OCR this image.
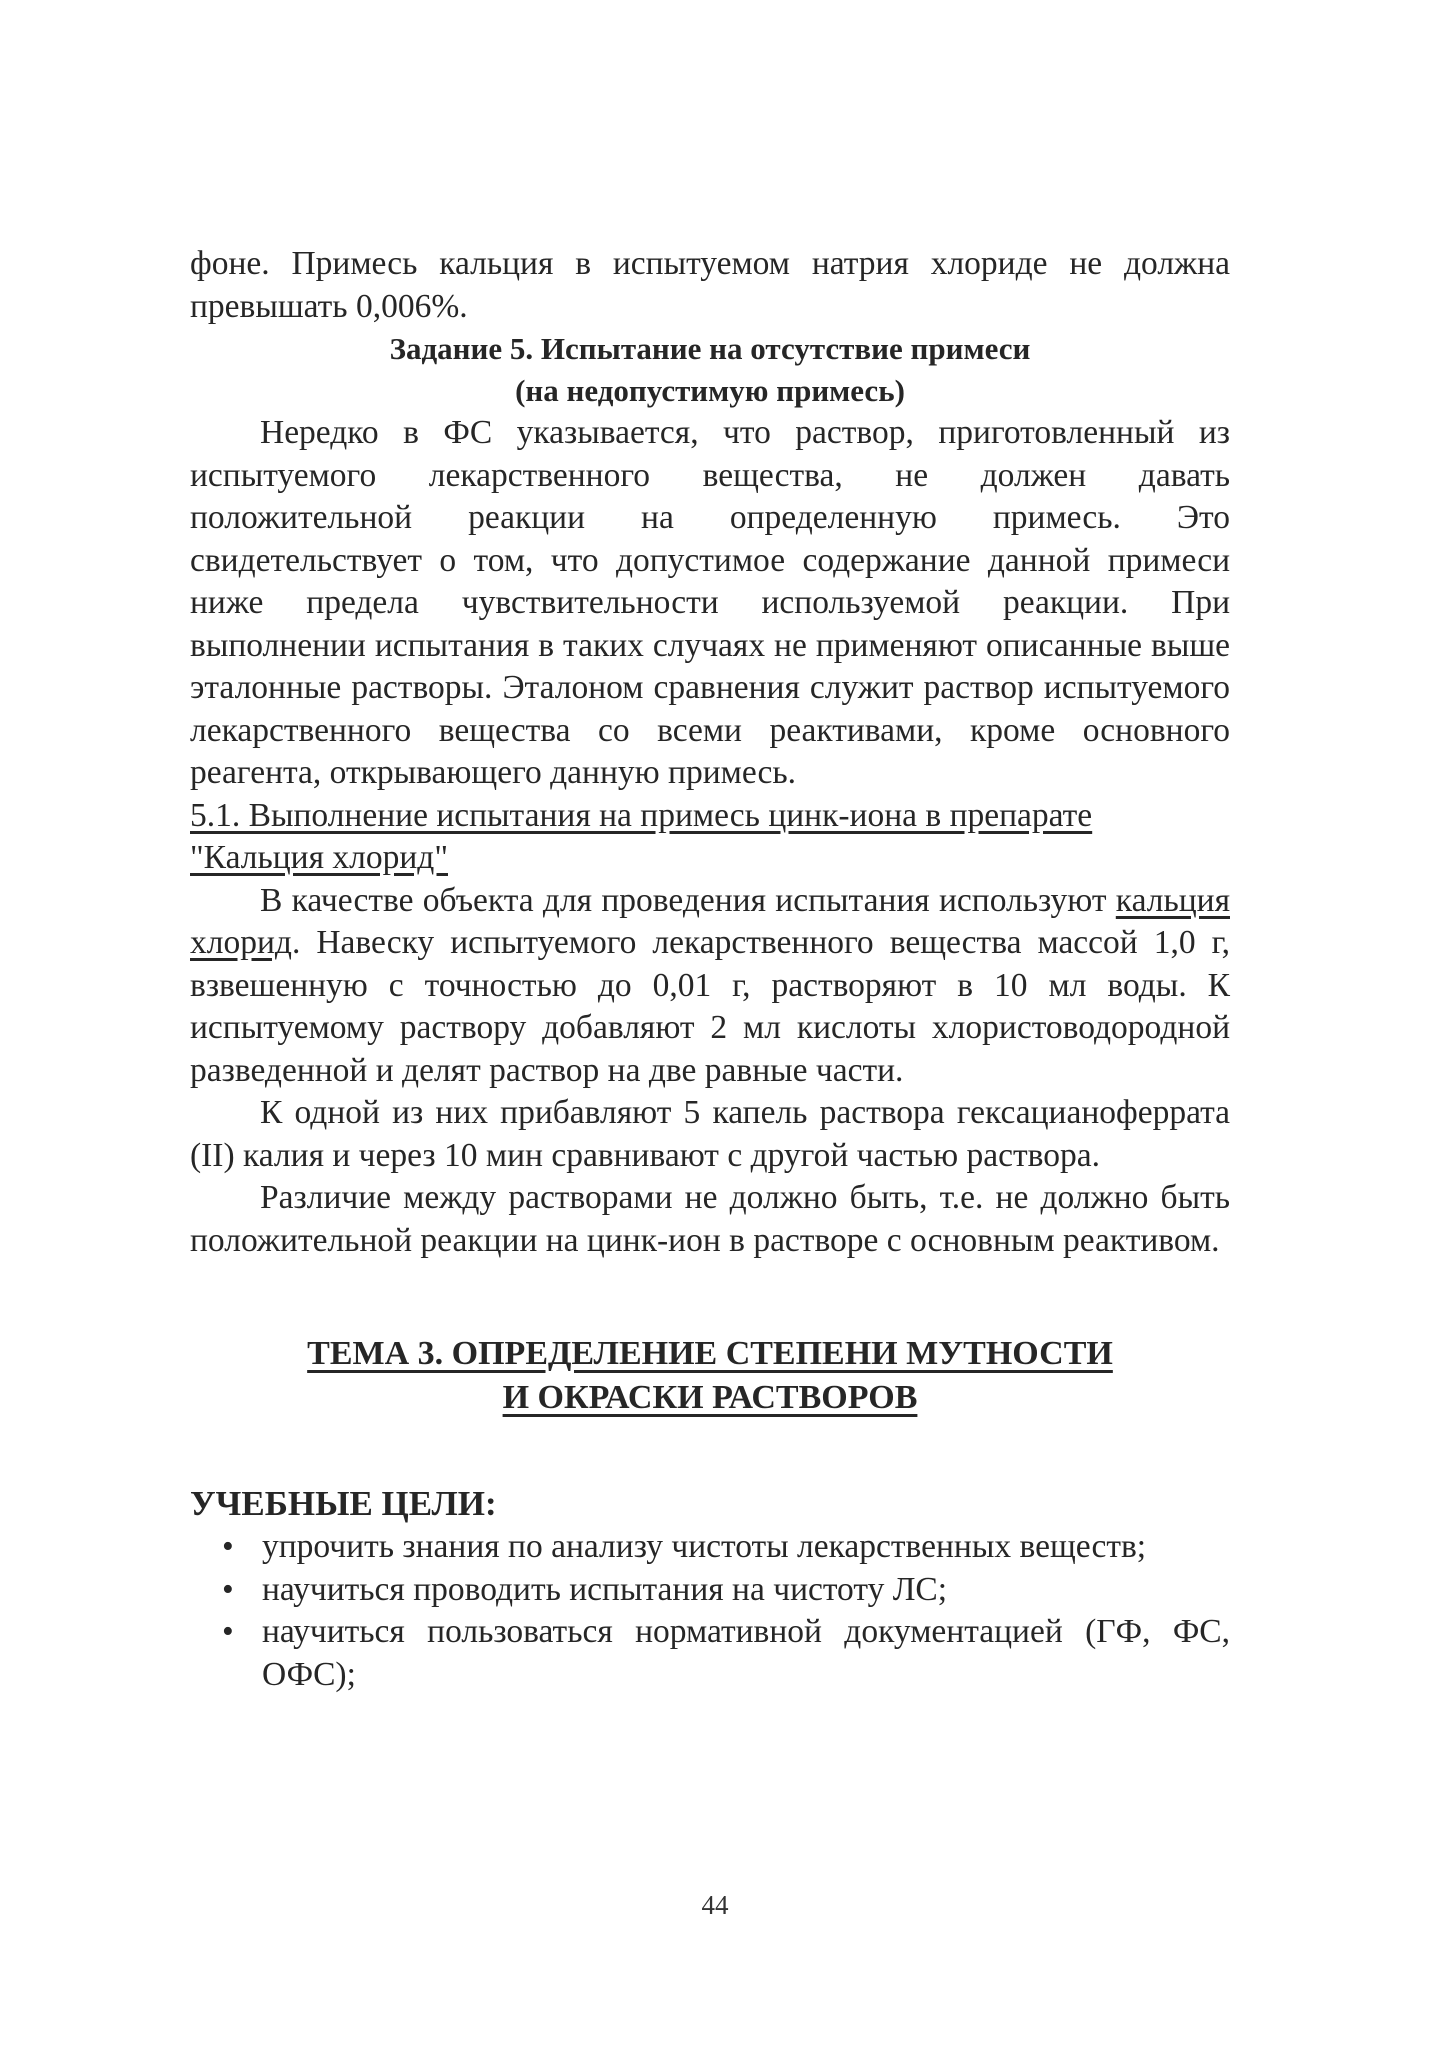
фоне. Примесь кальция в испытуемом натрия хлориде не должна превышать 0,006%.

Задание 5. Испытание на отсутствие примеси

(на недопустимую примесь)

Нередко в ФС указывается, что раствор, приготовленный из испытуемого лекарственного вещества, не должен давать положительной реакции на определенную примесь. Это свидетельствует о том, что допустимое содержание данной примеси ниже предела чувствительности используемой реакции. При выполнении испытания в таких случаях не применяют описанные выше эталонные растворы. Эталоном сравнения служит раствор испытуемого лекарственного вещества со всеми реактивами, кроме основного реагента, открывающего данную примесь.

5.1. Выполнение испытания на примесь цинк-иона в препарате "Кальция хлорид"

В качестве объекта для проведения испытания используют кальция хлорид. Навеску испытуемого лекарственного вещества массой 1,0 г, взвешенную с точностью до 0,01 г, растворяют в 10 мл воды. К испытуемому раствору добавляют 2 мл кислоты хлористоводородной разведенной и делят раствор на две равные части.

К одной из них прибавляют 5 капель раствора гексацианоферрата (II) калия и через 10 мин сравнивают с другой частью раствора.

Различие между растворами не должно быть, т.е. не должно быть положительной реакции на цинк-ион в растворе с основным реактивом.

ТЕМА 3. ОПРЕДЕЛЕНИЕ СТЕПЕНИ МУТНОСТИ
И ОКРАСКИ РАСТВОРОВ

УЧЕБНЫЕ ЦЕЛИ:

• упрочить знания по анализу чистоты лекарственных веществ;
• научиться проводить испытания на чистоту ЛС;
• научиться пользоваться нормативной документацией (ГФ, ФС, ОФС);
44
